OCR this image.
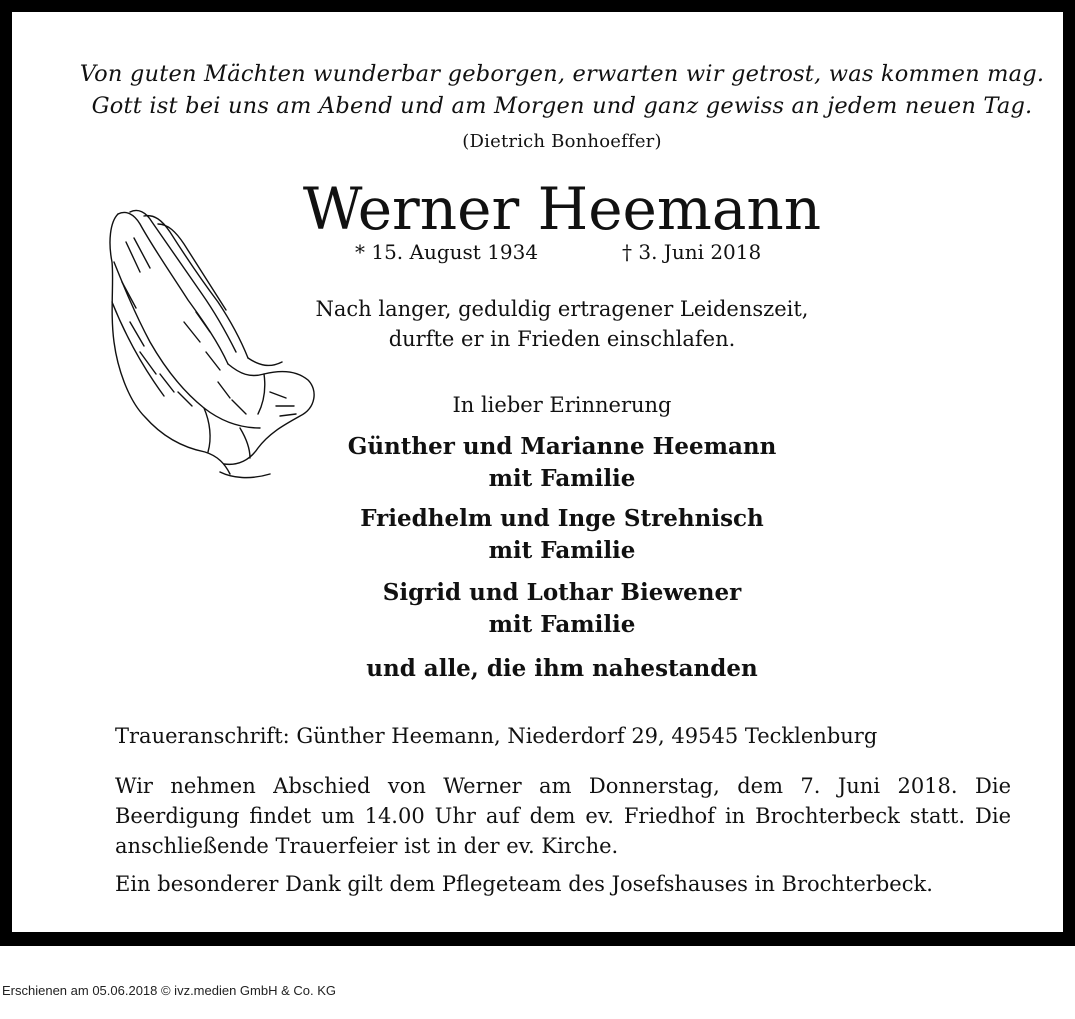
Von guten Mächten wunderbar geborgen, erwarten wir getrost, was kommen mag.
Gott ist bei uns am Abend und am Morgen und ganz gewiss an jedem neuen Tag.
(Dietrich Bonhoeffer)
Werner Heemann
* 15. August 1934	† 3. Juni 2018
Nach langer, geduldig ertragener Leidenszeit,
durfte er in Frieden einschlafen.
In lieber Erinnerung
Günther und Marianne Heemann
mit Familie
Friedhelm und Inge Strehnisch
mit Familie
Sigrid und Lothar Biewener
mit Familie
und alle, die ihm nahestanden
Traueranschrift: Günther Heemann, Niederdorf 29, 49545 Tecklenburg
Wir nehmen Abschied von Werner am Donnerstag, dem 7. Juni 2018. Die Beerdigung findet um 14.00 Uhr auf dem ev. Friedhof in Brochterbeck statt. Die anschließende Trauerfeier ist in der ev. Kirche.
Ein besonderer Dank gilt dem Pflegeteam des Josefshauses in Brochterbeck.
Erschienen am 05.06.2018 © ivz.medien GmbH & Co. KG
